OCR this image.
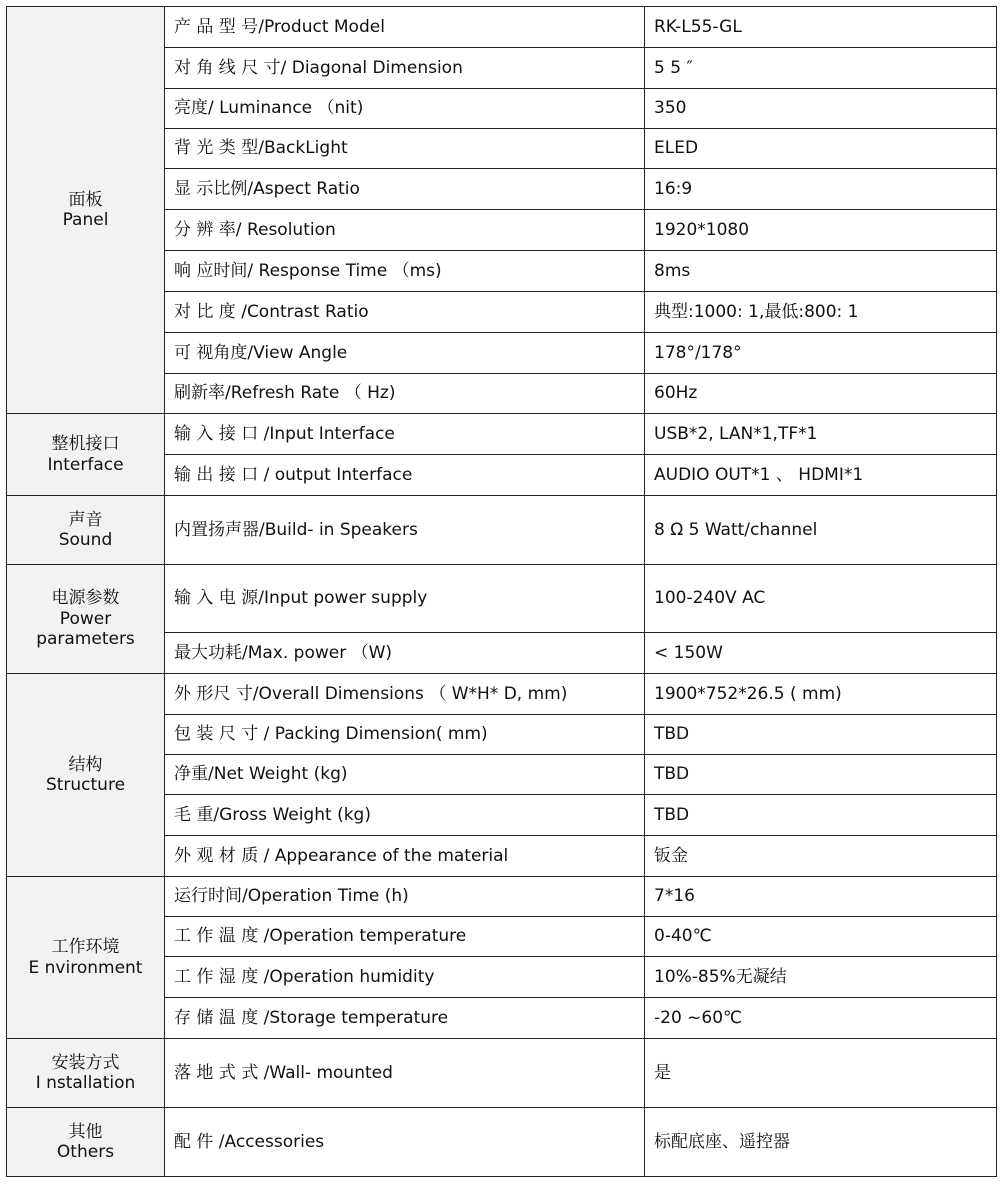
面板
Panel	产 品 型 号/Product Model	RK-L55-GL
	对 角 线 尺 寸/ Diagonal Dimension	5 5 ″
	亮度/ Luminance （nit)	350
	背 光 类 型/BackLight	ELED
	显 示比例/Aspect Ratio	16:9
	分 辨 率/ Resolution	1920*1080
	响 应时间/ Response Time （ms)	8ms
	对 比 度 /Contrast Ratio	典型:1000: 1,最低:800: 1
	可 视角度/View Angle	178°/178°
	刷新率/Refresh Rate （ Hz)	60Hz

整机接口
Interface	输 入 接 口 /Input Interface	USB*2, LAN*1,TF*1
	输 出 接 口 / output Interface	AUDIO OUT*1 、 HDMI*1

声音
Sound	内置扬声器/Build- in Speakers	8 Ω 5 Watt/channel

电源参数
Power
parameters	输 入 电 源/Input power supply	100-240V AC
	最大功耗/Max. power （W)	< 150W

结构
Structure	外 形尺 寸/Overall Dimensions （ W*H* D, mm)	1900*752*26.5 ( mm)
	包 装 尺 寸 / Packing Dimension( mm)	TBD
	净重/Net Weight (kg)	TBD
	毛 重/Gross Weight (kg)	TBD
	外 观 材 质 / Appearance of the material	钣金

工作环境
E nvironment	运行时间/Operation Time (h)	7*16
	工 作 温 度 /Operation temperature	0-40℃
	工 作 湿 度 /Operation humidity	10%-85%无凝结
	存 储 温 度 /Storage temperature	-20 ~60℃

安装方式
I nstallation	落 地 式 式 /Wall- mounted	是

其他
Others	配 件 /Accessories	标配底座、遥控器
